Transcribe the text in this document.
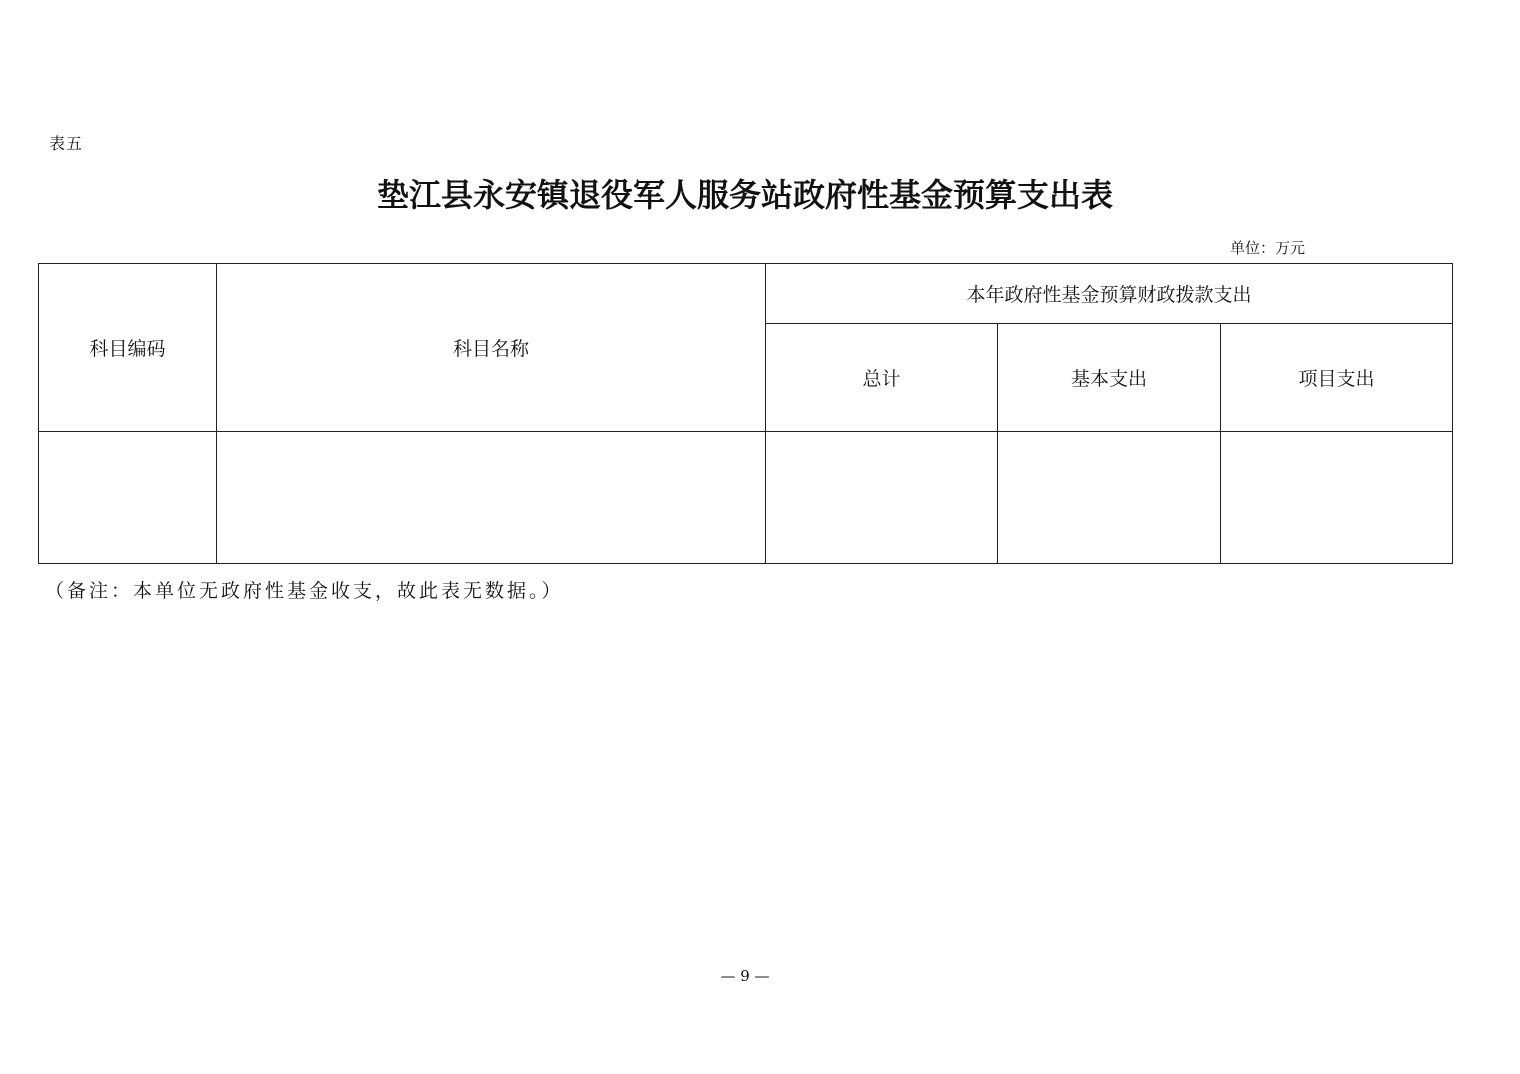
表五
垫江县永安镇退役军人服务站政府性基金预算支出表
单位：万元
科目编码	科目名称	本年政府性基金预算财政拨款支出		
		总计	基本支出	项目支出

（备注：本单位无政府性基金收支，故此表无数据。）
— 9 —
